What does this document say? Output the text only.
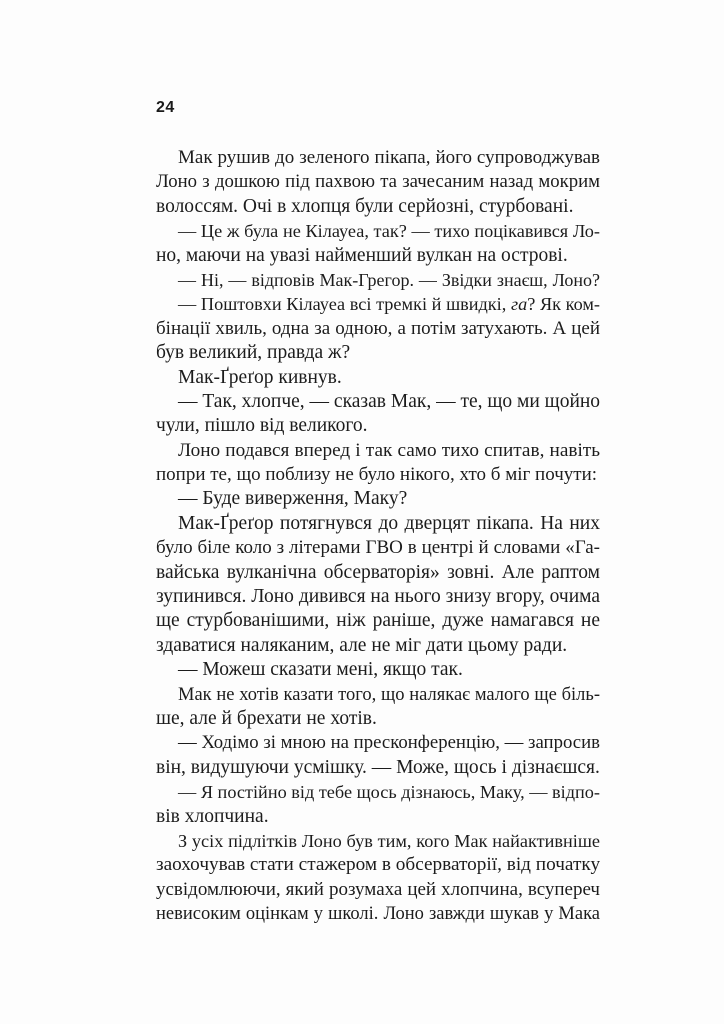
24
Мак рушив до зеленого пікапа, його супроводжував
Лоно з дошкою під пахвою та зачесаним назад мокрим
волоссям. Очі в хлопця були серйозні, стурбовані.
— Це ж була не Кілауеа, так? — тихо поцікавився Ло-
но, маючи на увазі найменший вулкан на острові.
— Ні, — відповів Мак-Грегор. — Звідки знаєш, Лоно?
— Поштовхи Кілауеа всі тремкі й швидкі, га? Як ком-
бінації хвиль, одна за одною, а потім затухають. А цей
був великий, правда ж?
Мак-Ґреґор кивнув.
— Так, хлопче, — сказав Мак, — те, що ми щойно
чули, пішло від великого.
Лоно подався вперед і так само тихо спитав, навіть
попри те, що поблизу не було нікого, хто б міг почути:
— Буде виверження, Маку?
Мак-Ґреґор потягнувся до дверцят пікапа. На них
було біле коло з літерами ГВО в центрі й словами «Га-
вайська вулканічна обсерваторія» зовні. Але раптом
зупинився. Лоно дивився на нього знизу вгору, очима
ще стурбованішими, ніж раніше, дуже намагався не
здаватися наляканим, але не міг дати цьому ради.
— Можеш сказати мені, якщо так.
Мак не хотів казати того, що налякає малого ще біль-
ше, але й брехати не хотів.
— Ходімо зі мною на пресконференцію, — запросив
він, видушуючи усмішку. — Може, щось і дізнаєшся.
— Я постійно від тебе щось дізнаюсь, Маку, — відпо-
вів хлопчина.
З усіх підлітків Лоно був тим, кого Мак найактивніше
заохочував стати стажером в обсерваторії, від початку
усвідомлюючи, який розумаха цей хлопчина, всупереч
невисоким оцінкам у школі. Лоно завжди шукав у Мака
